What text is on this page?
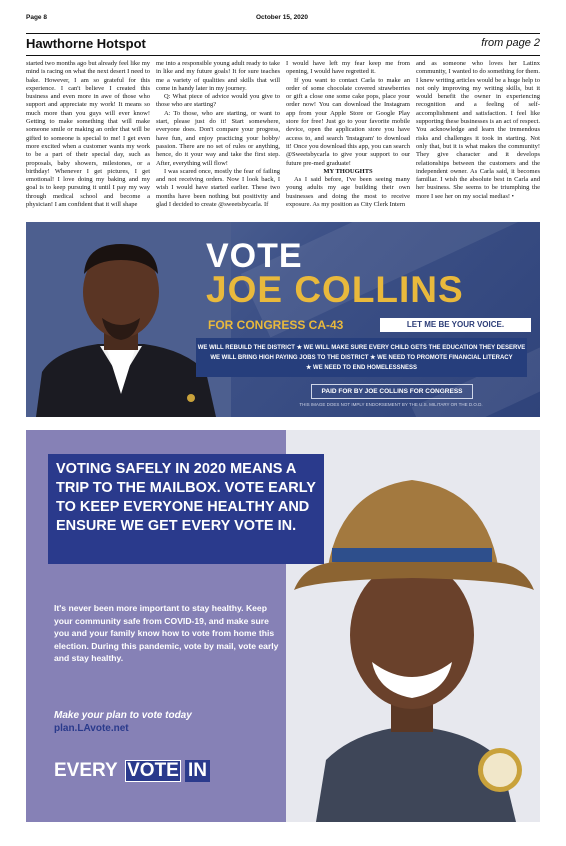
Page 8	October 15, 2020
Hawthorne Hotspot	from page 2

started two months ago but already feel like my mind is racing on what the next desert I need to bake. However, I am so grateful for this experience. I can't believe I created this business and even more in awe of those who support and appreciate my work! It means so much more than you guys will ever know! Getting to make something that will make someone smile or making an order that will be gifted to someone is special to me! I get even more excited when a customer wants my work to be a part of their special day, such as proposals, baby showers, milestones, or a birthday! Whenever I get pictures, I get emotional! I love doing my baking and my goal is to keep pursuing it until I pay my way through medical school and become a physician! I am confident that it will shape

me into a responsible young adult ready to take in like and my future goals! It for sure teaches me a variety of qualities and skills that will come in handy later in my journey.

Q: What piece of advice would you give to those who are starting?

A: To those, who are starting, or want to start, please just do it! Start somewhere, everyone does. Don't compare your progress, have fun, and enjoy practicing your hobby/ passion. There are no set of rules or anything, hence, do it your way and take the first step. After, everything will flow!

I was scared once, mostly the fear of failing and not receiving orders. Now I look back, I wish I would have started earlier. These two months have been nothing but positivity and glad I decided to create @sweetsbycarla. If

I would have left my fear keep me from opening, I would have regretted it.

If you want to contact Carla to make an order of some chocolate covered strawberries or gift a close one some cake pops, place your order now! You can download the Instagram app from your Apple Store or Google Play store for free! Just go to your favorite mobile device, open the application store you have access to, and search 'Instagram' to download it! Once you download this app, you can search @Sweetsbycarla to give your support to our future pre-med graduate!

MY THOUGHTS

As I said before, I've been seeing many young adults my age building their own businesses and doing the most to receive exposure. As my position as City Clerk Intern

and as someone who loves her Latinx community, I wanted to do something for them. I knew writing articles would be a huge help to not only improving my writing skills, but it would benefit the owner in experiencing recognition and a feeling of self-accomplishment and satisfaction. I feel like supporting these businesses is an act of respect. You acknowledge and learn the tremendous risks and challenges it took in starting. Not only that, but it is what makes the community! They give character and it develops relationships between the customers and the independent owner. As Carla said, it becomes familiar. I wish the absolute best in Carla and her business. She seems to be triumphing the more I see her on my social medias! •

VOTE
JOE COLLINS
FOR CONGRESS CA-43	LET ME BE YOUR VOICE.
WE WILL REBUILD THE DISTRICT ★ WE WILL MAKE SURE EVERY CHILD GETS THE EDUCATION THEY DESERVE
WE WILL BRING HIGH PAYING JOBS TO THE DISTRICT ★ WE NEED TO PROMOTE FINANCIAL LITERACY
★ WE NEED TO END HOMELESSNESS
PAID FOR BY JOE COLLINS FOR CONGRESS
THIS IMAGE DOES NOT IMPLY ENDORSEMENT BY THE U.S. MILITARY OR THE D.O.D.
VOTING SAFELY IN 2020 MEANS A TRIP TO THE MAILBOX. VOTE EARLY TO KEEP EVERYONE HEALTHY AND ENSURE WE GET EVERY VOTE IN.
It's never been more important to stay healthy. Keep your community safe from COVID-19, and make sure you and your family know how to vote from home this election. During this pandemic, vote by mail, vote early and stay healthy.
Make your plan to vote today
plan.LAvote.net
EVERY VOTE IN
